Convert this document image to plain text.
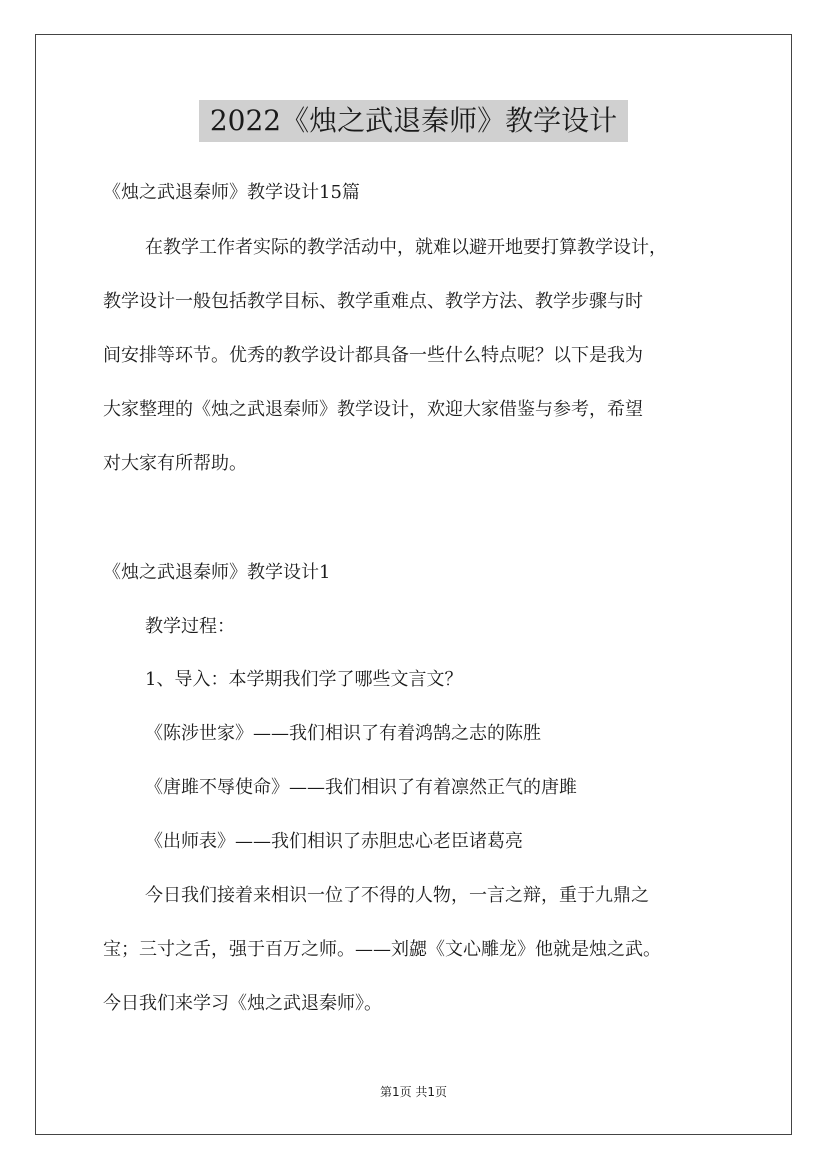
2022《烛之武退秦师》教学设计
《烛之武退秦师》教学设计15篇
在教学工作者实际的教学活动中，就难以避开地要打算教学设计，
教学设计一般包括教学目标、教学重难点、教学方法、教学步骤与时
间安排等环节。优秀的教学设计都具备一些什么特点呢？以下是我为
大家整理的《烛之武退秦师》教学设计，欢迎大家借鉴与参考，希望
对大家有所帮助。
《烛之武退秦师》教学设计1
教学过程：
1、导入：本学期我们学了哪些文言文？
《陈涉世家》——我们相识了有着鸿鹄之志的陈胜
《唐雎不辱使命》——我们相识了有着凛然正气的唐雎
《出师表》——我们相识了赤胆忠心老臣诸葛亮
今日我们接着来相识一位了不得的人物，一言之辩，重于九鼎之
宝；三寸之舌，强于百万之师。——刘勰《文心雕龙》他就是烛之武。
今日我们来学习《烛之武退秦师》。
第1页 共1页
